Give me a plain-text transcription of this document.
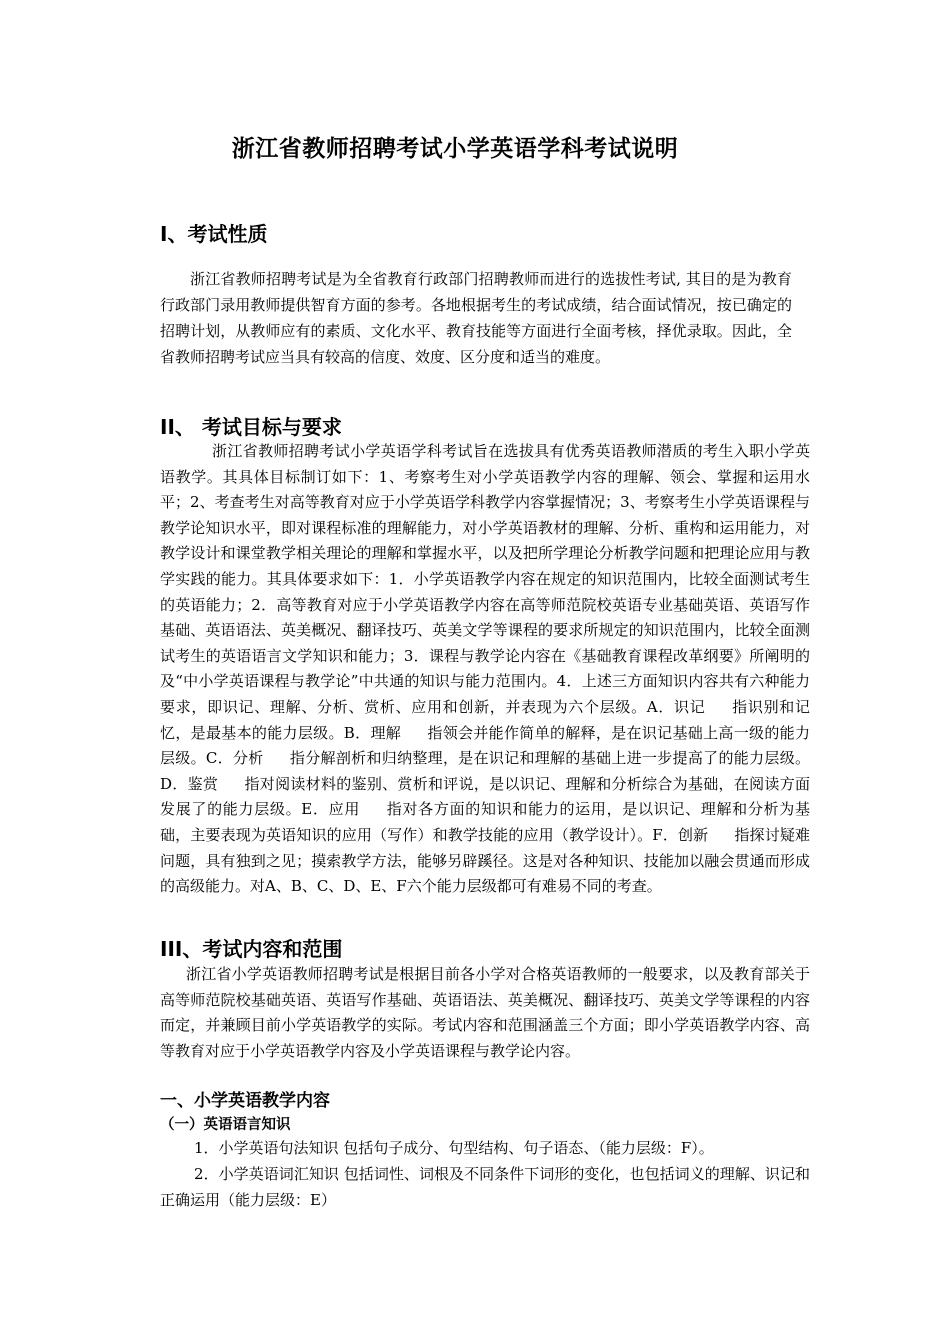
浙江省教师招聘考试小学英语学科考试说明
Ⅰ、考试性质

浙江省教师招聘考试是为全省教育行政部门招聘教师而进行的选拔性考试, 其目的是为教育行政部门录用教师提供智育方面的参考。各地根据考生的考试成绩，结合面试情况，按已确定的招聘计划，从教师应有的素质、文化水平、教育技能等方面进行全面考核，择优录取。因此，全省教师招聘考试应当具有较高的信度、效度、区分度和适当的难度。

II、 考试目标与要求

浙江省教师招聘考试小学英语学科考试旨在选拔具有优秀英语教师潜质的考生入职小学英语教学。其具体目标制订如下：1、考察考生对小学英语教学内容的理解、领会、掌握和运用水平；2、考查考生对高等教育对应于小学英语学科教学内容掌握情况；3、考察考生小学英语课程与教学论知识水平，即对课程标准的理解能力，对小学英语教材的理解、分析、重构和运用能力，对教学设计和课堂教学相关理论的理解和掌握水平，以及把所学理论分析教学问题和把理论应用与教学实践的能力。其具体要求如下：1．小学英语教学内容在规定的知识范围内，比较全面测试考生的英语能力；2．高等教育对应于小学英语教学内容在高等师范院校英语专业基础英语、英语写作基础、英语语法、英美概况、翻译技巧、英美文学等课程的要求所规定的知识范围内，比较全面测试考生的英语语言文学知识和能力；3．课程与教学论内容在《基础教育课程改革纲要》所阐明的及“中小学英语课程与教学论”中共通的知识与能力范围内。4．上述三方面知识内容共有六种能力要求，即识记、理解、分析、赏析、应用和创新，并表现为六个层级。A．识记 指识别和记忆，是最基本的能力层级。B．理解 指领会并能作简单的解释，是在识记基础上高一级的能力层级。C．分析 指分解剖析和归纳整理，是在识记和理解的基础上进一步提高了的能力层级。D．鉴赏 指对阅读材料的鉴别、赏析和评说，是以识记、理解和分析综合为基础，在阅读方面发展了的能力层级。E．应用 指对各方面的知识和能力的运用，是以识记、理解和分析为基础，主要表现为英语知识的应用（写作）和教学技能的应用（教学设计）。F．创新 指探讨疑难问题，具有独到之见；摸索教学方法，能够另辟蹊径。这是对各种知识、技能加以融会贯通而形成的高级能力。对A、B、C、D、E、F六个能力层级都可有难易不同的考查。

III、考试内容和范围

浙江省小学英语教师招聘考试是根据目前各小学对合格英语教师的一般要求，以及教育部关于高等师范院校基础英语、英语写作基础、英语语法、英美概况、翻译技巧、英美文学等课程的内容而定，并兼顾目前小学英语教学的实际。考试内容和范围涵盖三个方面；即小学英语教学内容、高等教育对应于小学英语教学内容及小学英语课程与教学论内容。

一、小学英语教学内容
（一）英语语言知识

1．小学英语句法知识 包括句子成分、句型结构、句子语态、（能力层级：F）。

2．小学英语词汇知识 包括词性、词根及不同条件下词形的变化，也包括词义的理解、识记和正确运用（能力层级：E）
